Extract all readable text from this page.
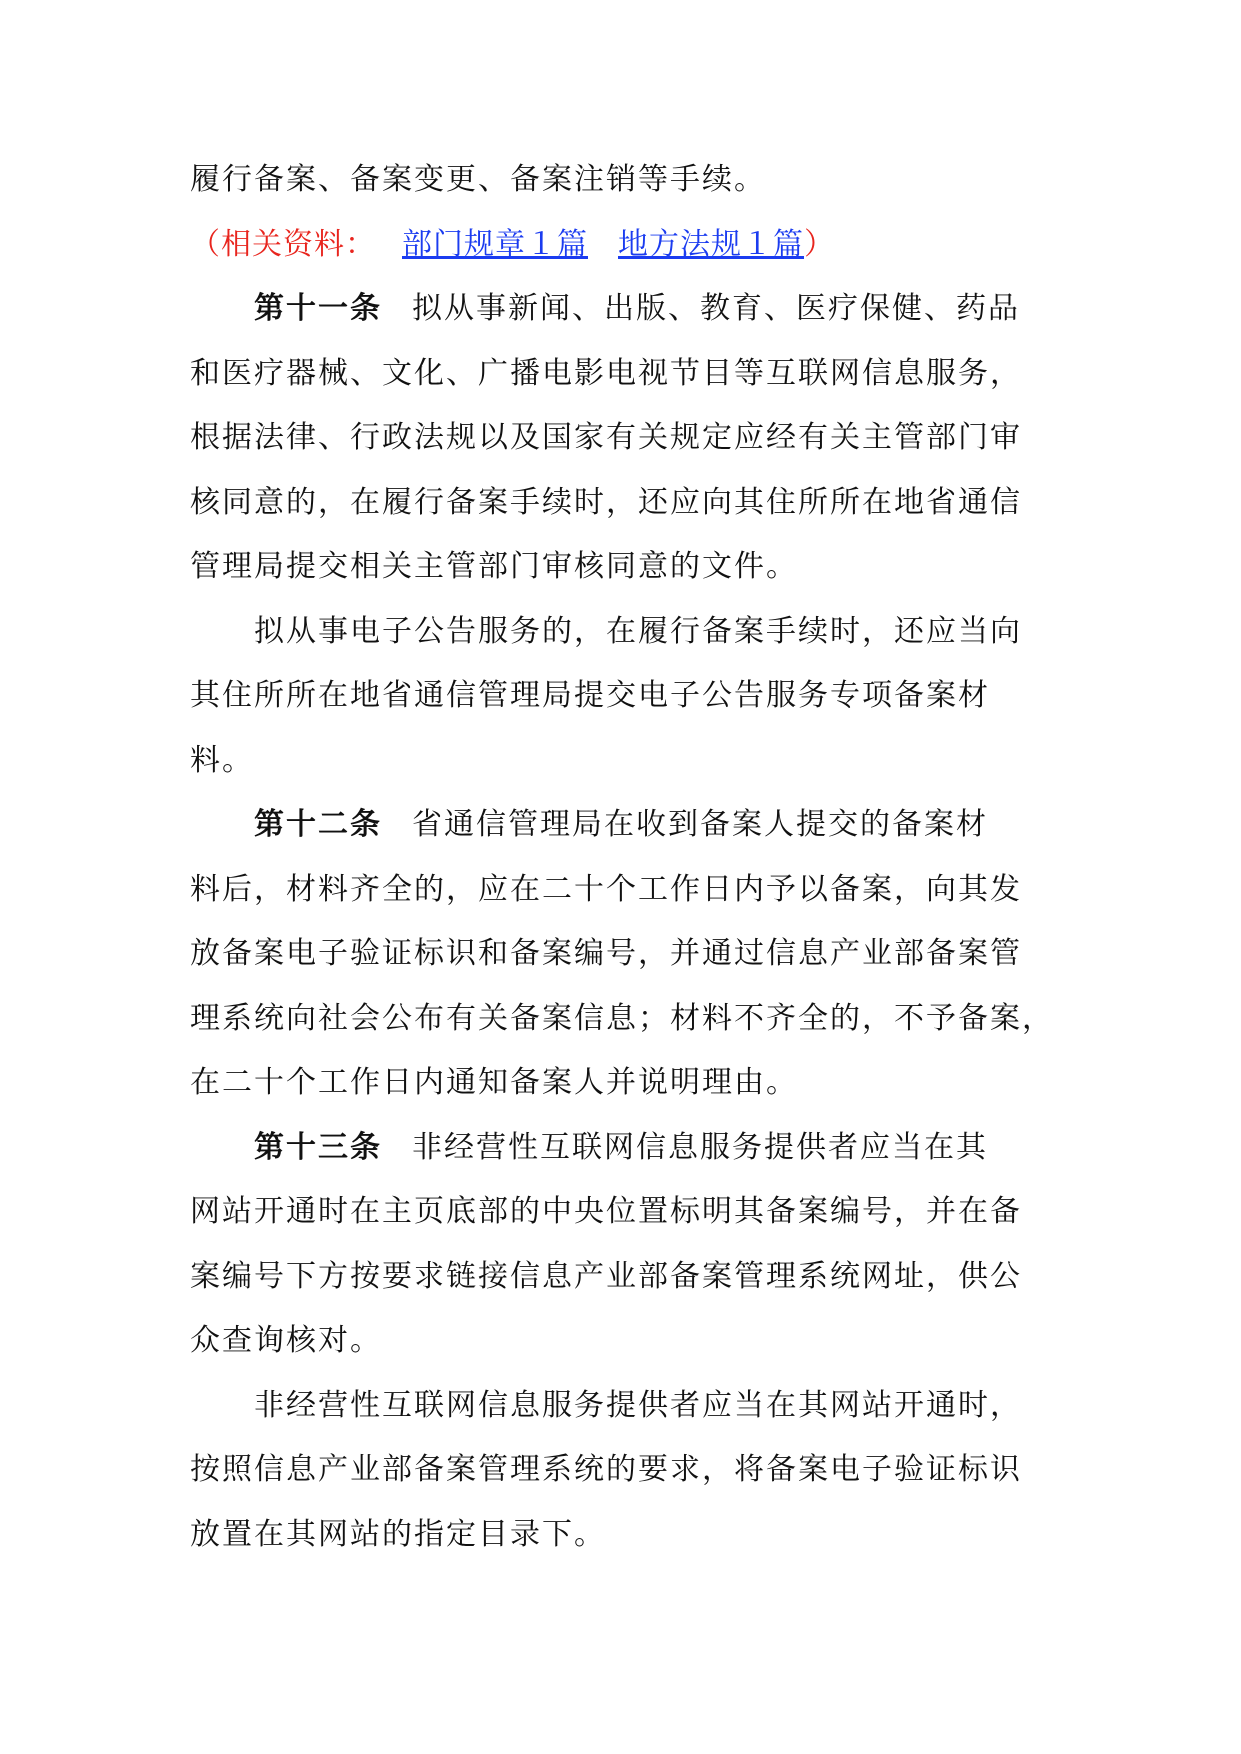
履行备案、备案变更、备案注销等手续。
（相关资料： 部门规章１篇 地方法规１篇）
第十一条 拟从事新闻、出版、教育、医疗保健、药品
和医疗器械、文化、广播电影电视节目等互联网信息服务，
根据法律、行政法规以及国家有关规定应经有关主管部门审
核同意的，在履行备案手续时，还应向其住所所在地省通信
管理局提交相关主管部门审核同意的文件。
拟从事电子公告服务的，在履行备案手续时，还应当向
其住所所在地省通信管理局提交电子公告服务专项备案材
料。
第十二条 省通信管理局在收到备案人提交的备案材
料后，材料齐全的，应在二十个工作日内予以备案，向其发
放备案电子验证标识和备案编号，并通过信息产业部备案管
理系统向社会公布有关备案信息；材料不齐全的，不予备案，
在二十个工作日内通知备案人并说明理由。
第十三条 非经营性互联网信息服务提供者应当在其
网站开通时在主页底部的中央位置标明其备案编号，并在备
案编号下方按要求链接信息产业部备案管理系统网址，供公
众查询核对。
非经营性互联网信息服务提供者应当在其网站开通时，
按照信息产业部备案管理系统的要求，将备案电子验证标识
放置在其网站的指定目录下。
